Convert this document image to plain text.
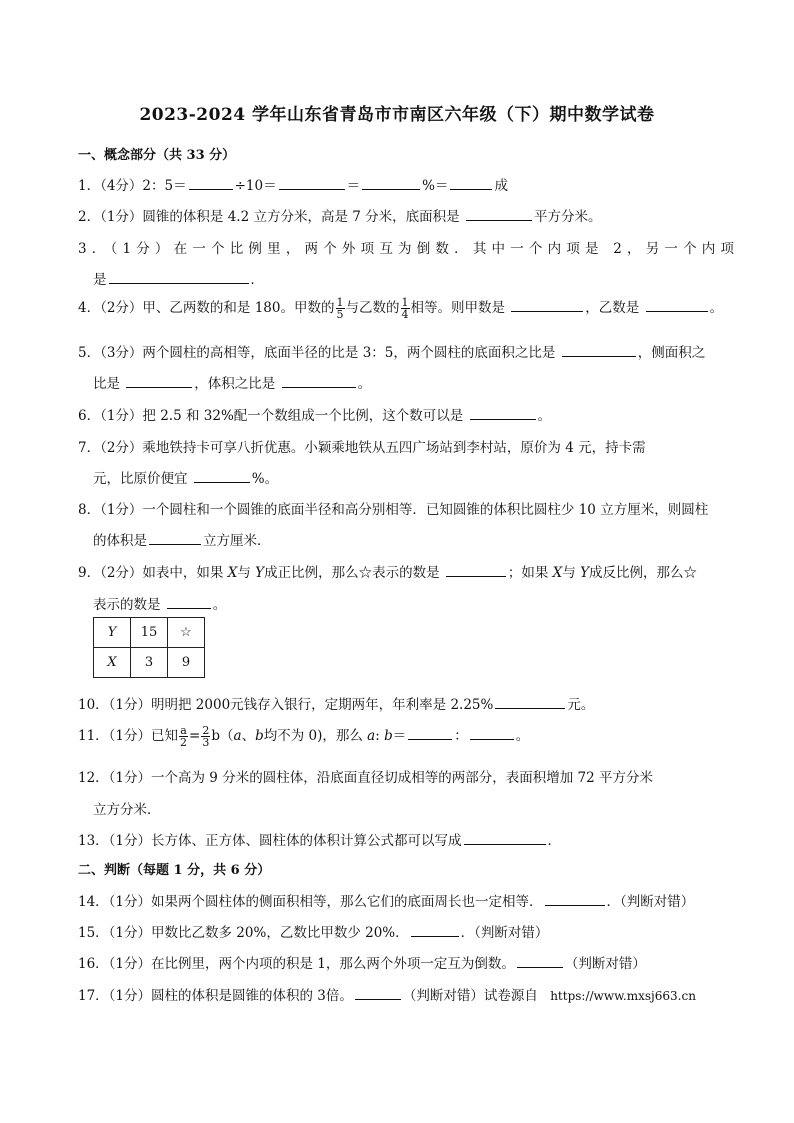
2023-2024 学年山东省青岛市市南区六年级（下）期中数学试卷
一、概念部分（共 33 分）
1．（4分）2：5＝	÷10＝	＝	%＝	成
2．（1分）圆锥的体积是 4.2 立方分米，高是 7 分米，底面积是	平方分米。
3．（1分）在一个比例里，两个外项互为倒数．其中一个内项是 2，另一个内项
是	．
4．（2分）甲、乙两数的和是 180。甲数的 $\frac{1}{5}$ 与乙数的 $\frac{1}{4}$ 相等。则甲数是	，乙数是	。
5．（3分）两个圆柱的高相等，底面半径的比是 3：5，两个圆柱的底面积之比是	，侧面积之
比是	，体积之比是	。
6．（1分）把 2.5 和 32%配一个数组成一个比例，这个数可以是	。
7．（2分）乘地铁持卡可享八折优惠。小颖乘地铁从五四广场站到李村站，原价为 4 元，持卡需
元，比原价便宜	%。
8．（1分）一个圆柱和一个圆锥的底面半径和高分别相等．已知圆锥的体积比圆柱少 10 立方厘米，则圆柱
的体积是	立方厘米．
9．（2分）如表中，如果 X与 Y成正比例，那么☆表示的数是	；如果 X与 Y成反比例，那么☆
表示的数是	。
Y	15	☆
X	3	9
10．（1分）明明把 2000元钱存入银行，定期两年，年利率是 2.25%	元。
11．（1分）已知 $\frac{a}{2} = \frac{2}{3} b(a$、b均不为 0)，那么 a: b＝	：	。
12．（1分）一个高为 9 分米的圆柱体，沿底面直径切成相等的两部分，表面积增加 72 平方分米
立方分米．
13．（1分）长方体、正方体、圆柱体的体积计算公式都可以写成	．
二、判断（每题 1 分，共 6 分）
14．（1分）如果两个圆柱体的侧面积相等，那么它们的底面周长也一定相等．	．（判断对错）
15．（1分）甲数比乙数多 20%，乙数比甲数少 20%．	．（判断对错）
16．（1分）在比例里，两个内项的积是 1，那么两个外项一定互为倒数。	（判断对错）
17．（1分）圆柱的体积是圆锥的体积的 3倍。	（判断对错）试卷源自 https://www.mxsj663.cn
